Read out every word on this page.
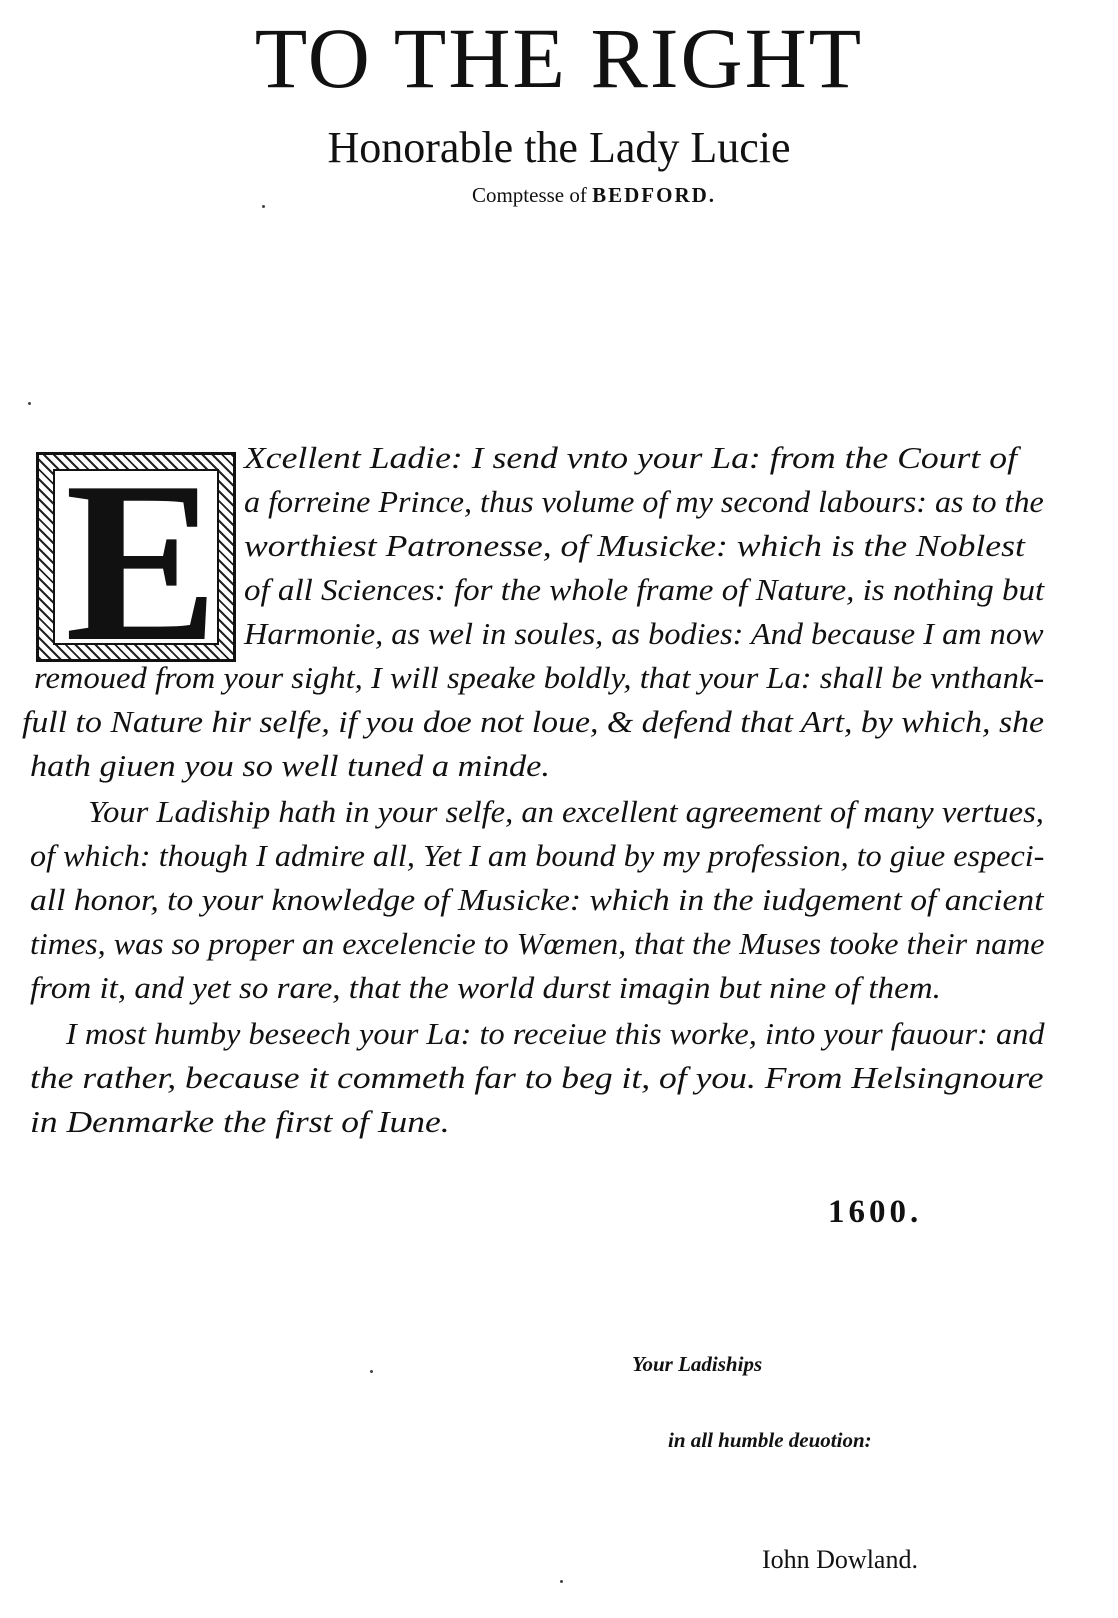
TO THE RIGHT
Honorable the Lady Lucie
Comptesse of BEDFORD.
E Xcellent Ladie: I send vnto your La: from the Court of
a forreine Prince, thus volume of my second labours: as to the
worthiest Patronesse, of Musicke: which is the Noblest
of all Sciences: for the whole frame of Nature, is nothing but
Harmonie, as wel in soules, as bodies: And because I am now
remoued from your sight, I will speake boldly, that your La: shall be vnthank-
full to Nature hir selfe, if you doe not loue, & defend that Art, by which, she
hath giuen you so well tuned a minde.
Your Ladiship hath in your selfe, an excellent agreement of many vertues,
of which: though I admire all, Yet I am bound by my profession, to giue especi-
all honor, to your knowledge of Musicke: which in the iudgement of ancient
times, was so proper an excelencie to Wœmen, that the Muses tooke their name
from it, and yet so rare, that the world durst imagin but nine of them.
I most humby beseech your La: to receiue this worke, into your fauour: and
the rather, because it commeth far to beg it, of you. From Helsingnoure
in Denmarke the first of Iune.
1600.
Your Ladiships
in all humble deuotion:
Iohn Dowland.
